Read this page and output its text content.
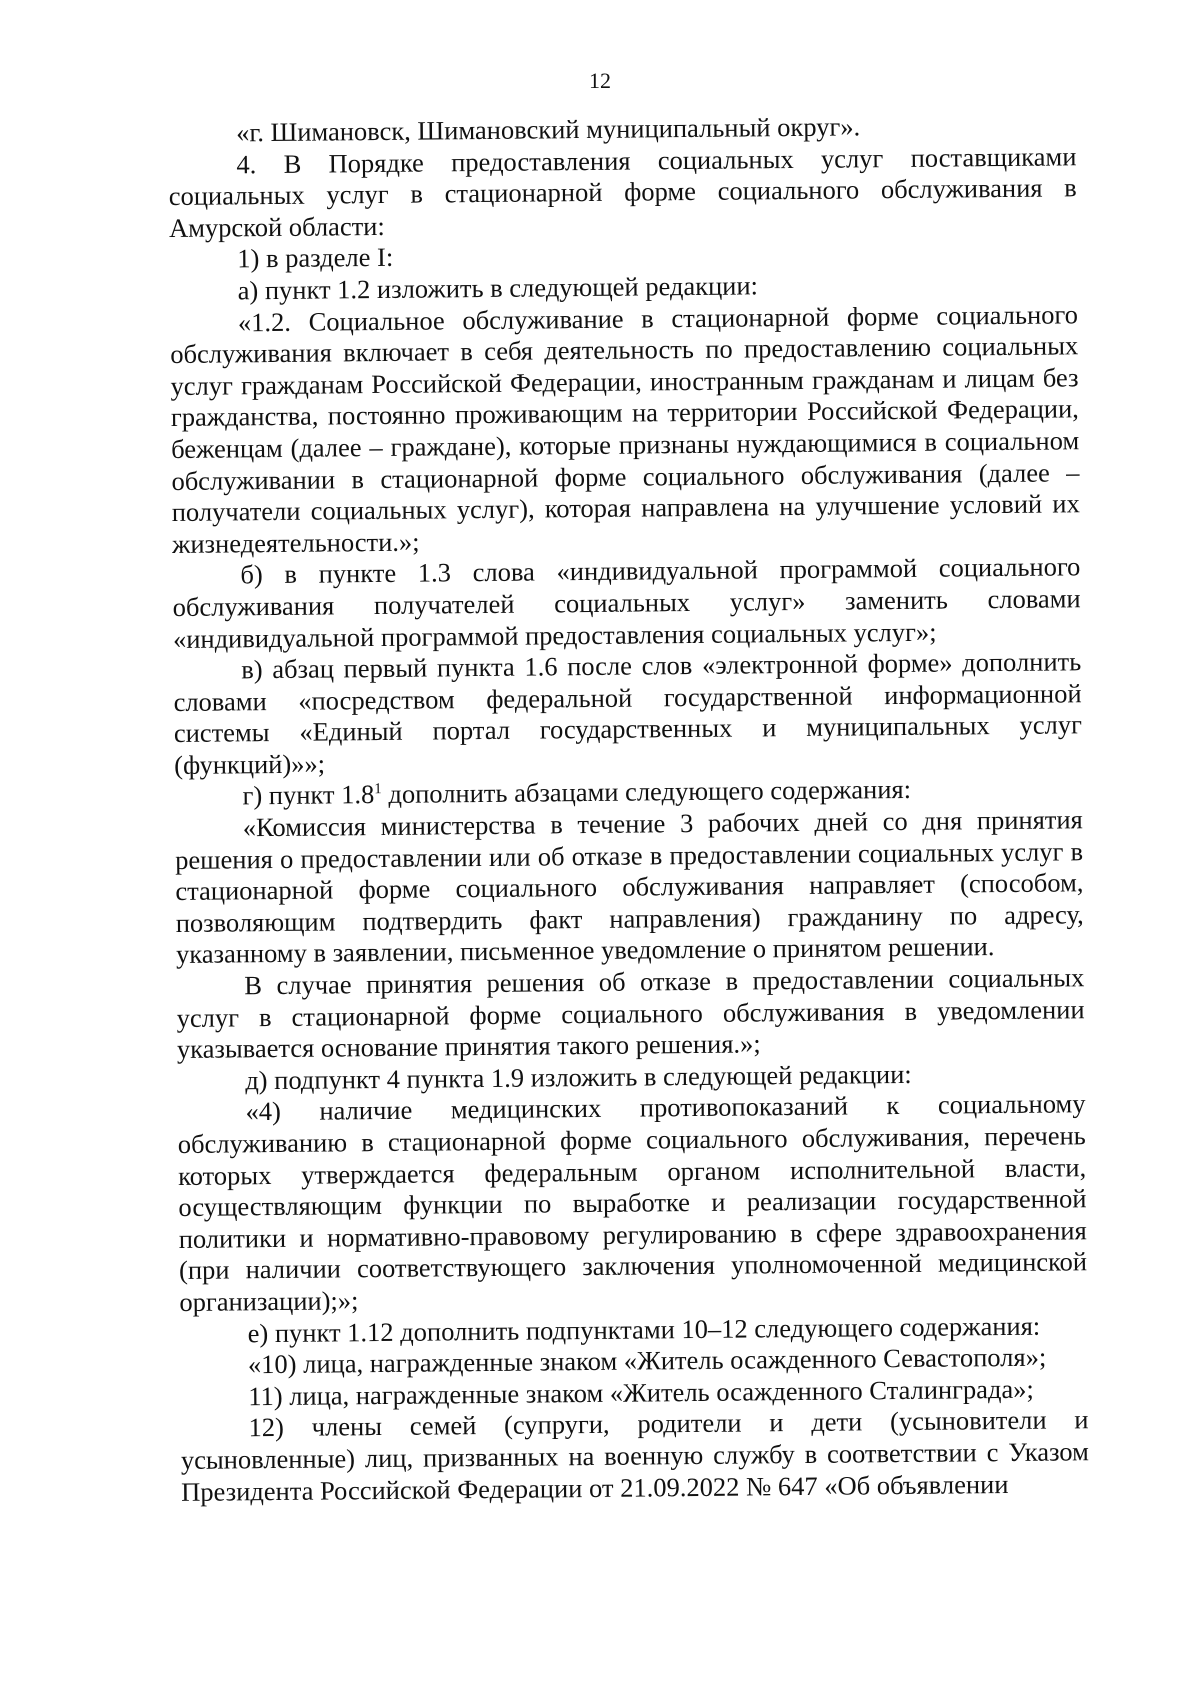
12

«г. Шимановск, Шимановский муниципальный округ».

4. В Порядке предоставления социальных услуг поставщиками социальных услуг в стационарной форме социального обслуживания в Амурской области:

1) в разделе I:

а) пункт 1.2 изложить в следующей редакции:

«1.2. Социальное обслуживание в стационарной форме социального обслуживания включает в себя деятельность по предоставлению социальных услуг гражданам Российской Федерации, иностранным гражданам и лицам без гражданства, постоянно проживающим на территории Российской Федерации, беженцам (далее – граждане), которые признаны нуждающимися в социальном обслуживании в стационарной форме социального обслуживания (далее – получатели социальных услуг), которая направлена на улучшение условий их жизнедеятельности.»;

б) в пункте 1.3 слова «индивидуальной программой социального обслуживания получателей социальных услуг» заменить словами «индивидуальной программой предоставления социальных услуг»;

в) абзац первый пункта 1.6 после слов «электронной форме» дополнить словами «посредством федеральной государственной информационной системы «Единый портал государственных и муниципальных услуг (функций)»»;

г) пункт $1.8^1$ дополнить абзацами следующего содержания:

«Комиссия министерства в течение 3 рабочих дней со дня принятия решения о предоставлении или об отказе в предоставлении социальных услуг в стационарной форме социального обслуживания направляет (способом, позволяющим подтвердить факт направления) гражданину по адресу, указанному в заявлении, письменное уведомление о принятом решении.

В случае принятия решения об отказе в предоставлении социальных услуг в стационарной форме социального обслуживания в уведомлении указывается основание принятия такого решения.»;

д) подпункт 4 пункта 1.9 изложить в следующей редакции:

«4) наличие медицинских противопоказаний к социальному обслуживанию в стационарной форме социального обслуживания, перечень которых утверждается федеральным органом исполнительной власти, осуществляющим функции по выработке и реализации государственной политики и нормативно-правовому регулированию в сфере здравоохранения (при наличии соответствующего заключения уполномоченной медицинской организации);»;

е) пункт 1.12 дополнить подпунктами 10–12 следующего содержания:

«10) лица, награжденные знаком «Житель осажденного Севастополя»;

11) лица, награжденные знаком «Житель осажденного Сталинграда»;

12) члены семей (супруги, родители и дети (усыновители и усыновленные) лиц, призванных на военную службу в соответствии с Указом Президента Российской Федерации от 21.09.2022 № 647 «Об объявлении
